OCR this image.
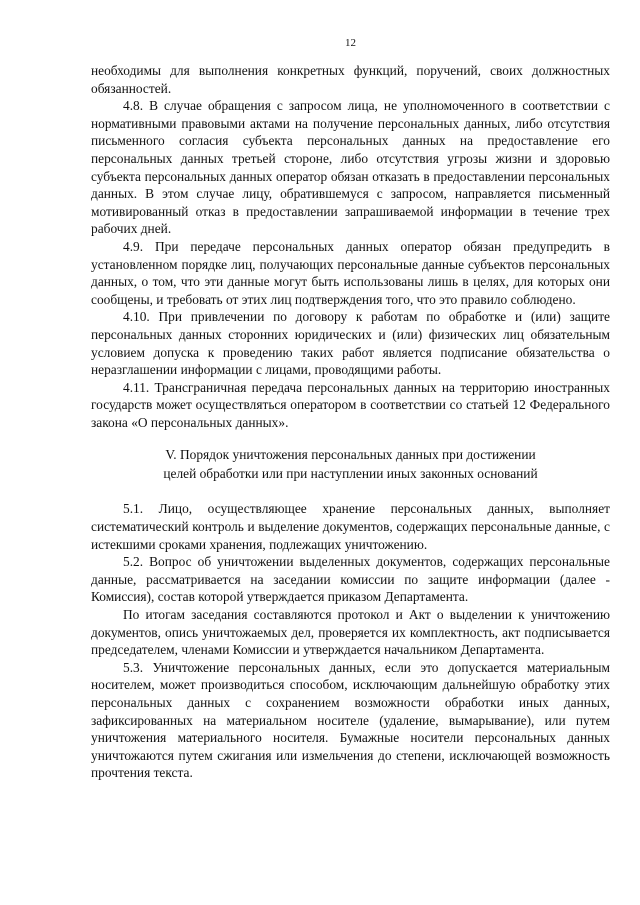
12

необходимы для выполнения конкретных функций, поручений, своих должностных обязанностей.

4.8. В случае обращения с запросом лица, не уполномоченного в соответствии с нормативными правовыми актами на получение персональных данных, либо отсутствия письменного согласия субъекта персональных данных на предоставление его персональных данных третьей стороне, либо отсутствия угрозы жизни и здоровью субъекта персональных данных оператор обязан отказать в предоставлении персональных данных. В этом случае лицу, обратившемуся с запросом, направляется письменный мотивированный отказ в предоставлении запрашиваемой информации в течение трех рабочих дней.

4.9. При передаче персональных данных оператор обязан предупредить в установленном порядке лиц, получающих персональные данные субъектов персональных данных, о том, что эти данные могут быть использованы лишь в целях, для которых они сообщены, и требовать от этих лиц подтверждения того, что это правило соблюдено.

4.10. При привлечении по договору к работам по обработке и (или) защите персональных данных сторонних юридических и (или) физических лиц обязательным условием допуска к проведению таких работ является подписание обязательства о неразглашении информации с лицами, проводящими работы.

4.11. Трансграничная передача персональных данных на территорию иностранных государств может осуществляться оператором в соответствии со статьей 12 Федерального закона «О персональных данных».

V. Порядок уничтожения персональных данных при достижении
целей обработки или при наступлении иных законных оснований

5.1. Лицо, осуществляющее хранение персональных данных, выполняет систематический контроль и выделение документов, содержащих персональные данные, с истекшими сроками хранения, подлежащих уничтожению.

5.2. Вопрос об уничтожении выделенных документов, содержащих персональные данные, рассматривается на заседании комиссии по защите информации (далее - Комиссия), состав которой утверждается приказом Департамента.

По итогам заседания составляются протокол и Акт о выделении к уничтожению документов, опись уничтожаемых дел, проверяется их комплектность, акт подписывается председателем, членами Комиссии и утверждается начальником Департамента.

5.3. Уничтожение персональных данных, если это допускается материальным носителем, может производиться способом, исключающим дальнейшую обработку этих персональных данных с сохранением возможности обработки иных данных, зафиксированных на материальном носителе (удаление, вымарывание), или путем уничтожения материального носителя. Бумажные носители персональных данных уничтожаются путем сжигания или измельчения до степени, исключающей возможность прочтения текста.
